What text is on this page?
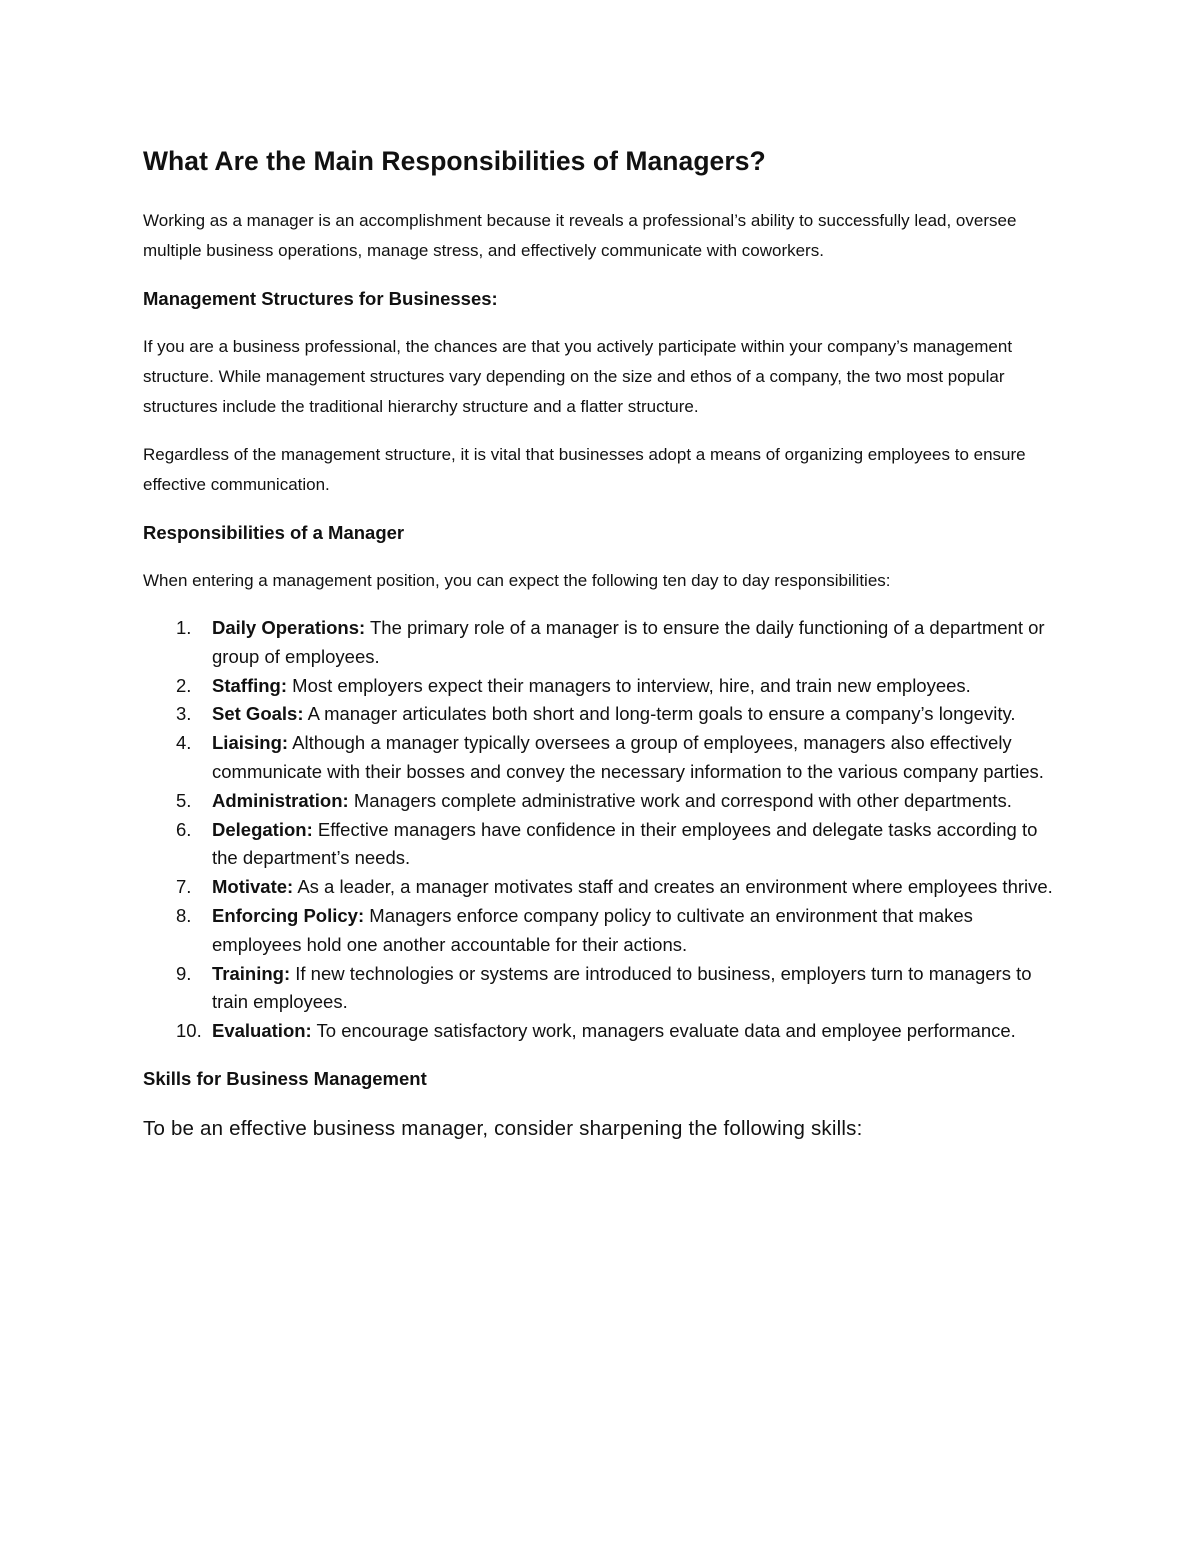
What Are the Main Responsibilities of Managers?

Working as a manager is an accomplishment because it reveals a professional’s ability to successfully lead, oversee multiple business operations, manage stress, and effectively communicate with coworkers.

Management Structures for Businesses:

If you are a business professional, the chances are that you actively participate within your company’s management structure. While management structures vary depending on the size and ethos of a company, the two most popular structures include the traditional hierarchy structure and a flatter structure.

Regardless of the management structure, it is vital that businesses adopt a means of organizing employees to ensure effective communication.

Responsibilities of a Manager

When entering a management position, you can expect the following ten day to day responsibilities:

1.	Daily Operations: The primary role of a manager is to ensure the daily functioning of a department or group of employees.
2.	Staffing: Most employers expect their managers to interview, hire, and train new employees.
3.	Set Goals: A manager articulates both short and long-term goals to ensure a company’s longevity.
4.	Liaising: Although a manager typically oversees a group of employees, managers also effectively communicate with their bosses and convey the necessary information to the various company parties.
5.	Administration: Managers complete administrative work and correspond with other departments.
6.	Delegation: Effective managers have confidence in their employees and delegate tasks according to the department’s needs.
7.	Motivate: As a leader, a manager motivates staff and creates an environment where employees thrive.
8.	Enforcing Policy: Managers enforce company policy to cultivate an environment that makes employees hold one another accountable for their actions.
9.	Training: If new technologies or systems are introduced to business, employers turn to managers to train employees.
10. Evaluation: To encourage satisfactory work, managers evaluate data and employee performance.
Skills for Business Management

To be an effective business manager, consider sharpening the following skills:
